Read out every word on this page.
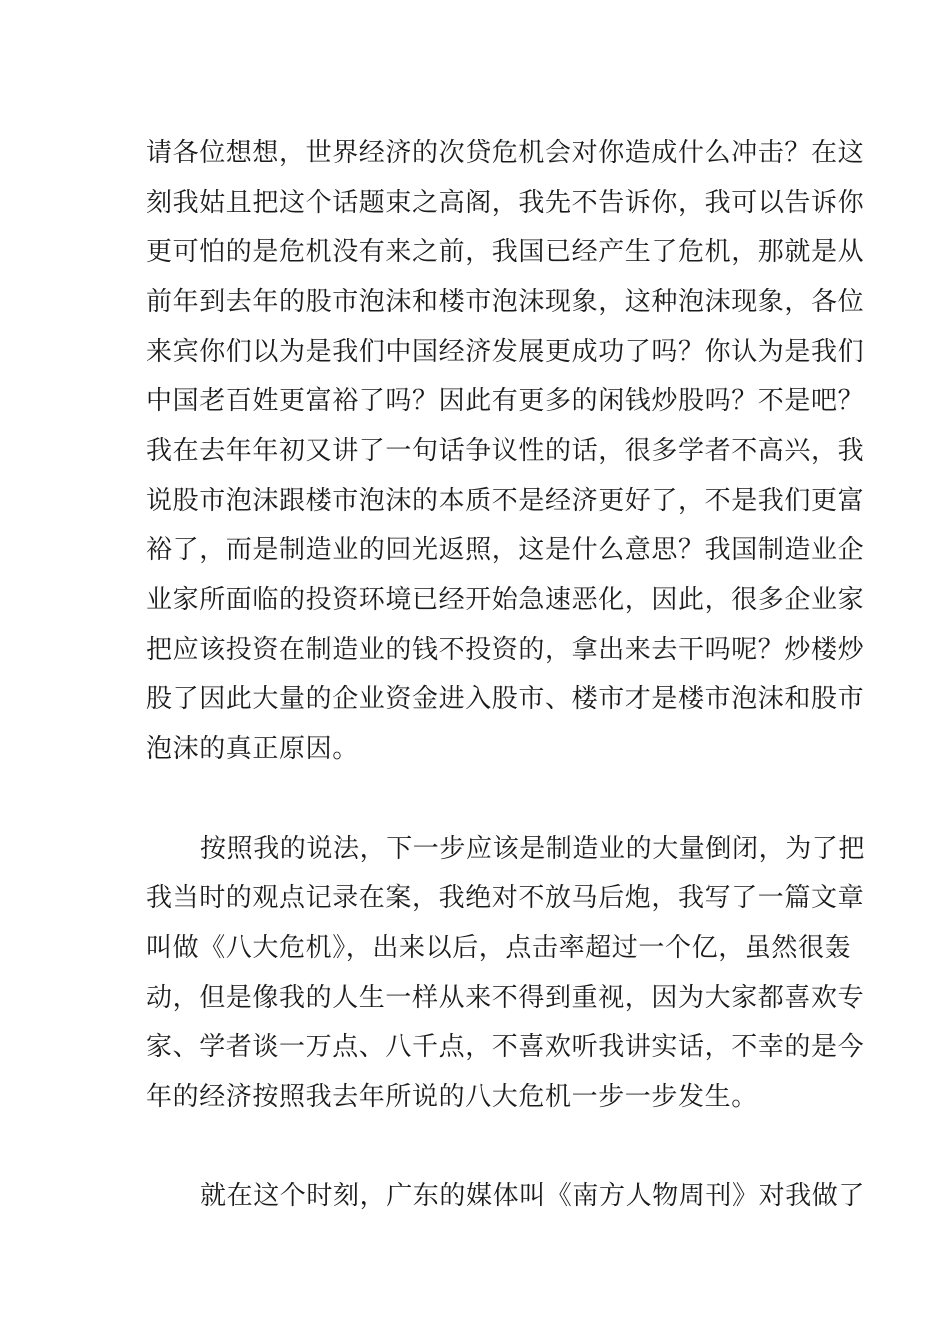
请各位想想，世界经济的次贷危机会对你造成什么冲击？在这
刻我姑且把这个话题束之高阁，我先不告诉你，我可以告诉你
更可怕的是危机没有来之前，我国已经产生了危机，那就是从
前年到去年的股市泡沫和楼市泡沫现象，这种泡沫现象，各位
来宾你们以为是我们中国经济发展更成功了吗？你认为是我们
中国老百姓更富裕了吗？因此有更多的闲钱炒股吗？不是吧？
我在去年年初又讲了一句话争议性的话，很多学者不高兴，我
说股市泡沫跟楼市泡沫的本质不是经济更好了，不是我们更富
裕了，而是制造业的回光返照，这是什么意思？我国制造业企
业家所面临的投资环境已经开始急速恶化，因此，很多企业家
把应该投资在制造业的钱不投资的，拿出来去干吗呢？炒楼炒
股了因此大量的企业资金进入股市、楼市才是楼市泡沫和股市
泡沫的真正原因。
按照我的说法，下一步应该是制造业的大量倒闭，为了把
我当时的观点记录在案，我绝对不放马后炮，我写了一篇文章
叫做《八大危机》，出来以后，点击率超过一个亿，虽然很轰
动，但是像我的人生一样从来不得到重视，因为大家都喜欢专
家、学者谈一万点、八千点，不喜欢听我讲实话，不幸的是今
年的经济按照我去年所说的八大危机一步一步发生。
就在这个时刻，广东的媒体叫《南方人物周刊》对我做了
